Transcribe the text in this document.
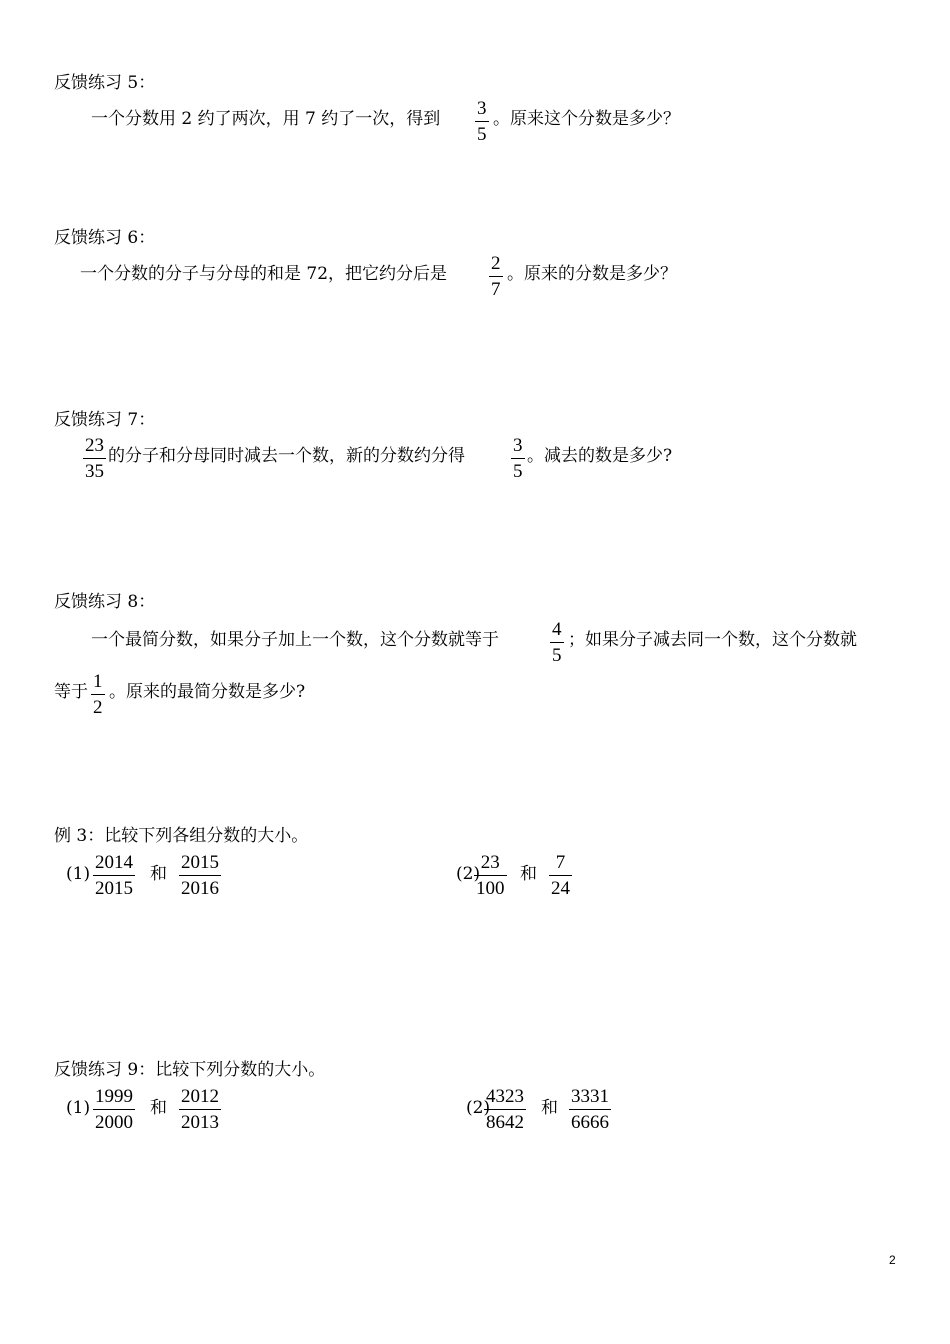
反馈练习 5：
一个分数用 2 约了两次，用 7 约了一次，得到 $\frac{3}{5}$ 。原来这个分数是多少？
反馈练习 6：
一个分数的分子与分母的和是 72，把它约分后是 $\frac{2}{7}$ 。原来的分数是多少？
反馈练习 7：
$\frac{23}{35}$ 的分子和分母同时减去一个数，新的分数约分得 $\frac{3}{5}$ 。减去的数是多少?
反馈练习 8：
一个最简分数，如果分子加上一个数，这个分数就等于	$\frac{4}{5}$ ；如果分子减去同一个数，这个分数就
等于 $\frac{1}{2}$ 。原来的最简分数是多少?
例 3：比较下列各组分数的大小。
$(1) \frac{2014}{2015}$ 和 $\frac{2015}{2016}$	(2)
$\frac{23}{100}$ 和 $\frac{7}{24}$
反馈练习 9：比较下列分数的大小。
$(1) \frac{1999}{2000}$ 和 $\frac{2012}{2013}$	(2)
$\frac{4323}{8642}$ 和 $\frac{3331}{6666}$
2
